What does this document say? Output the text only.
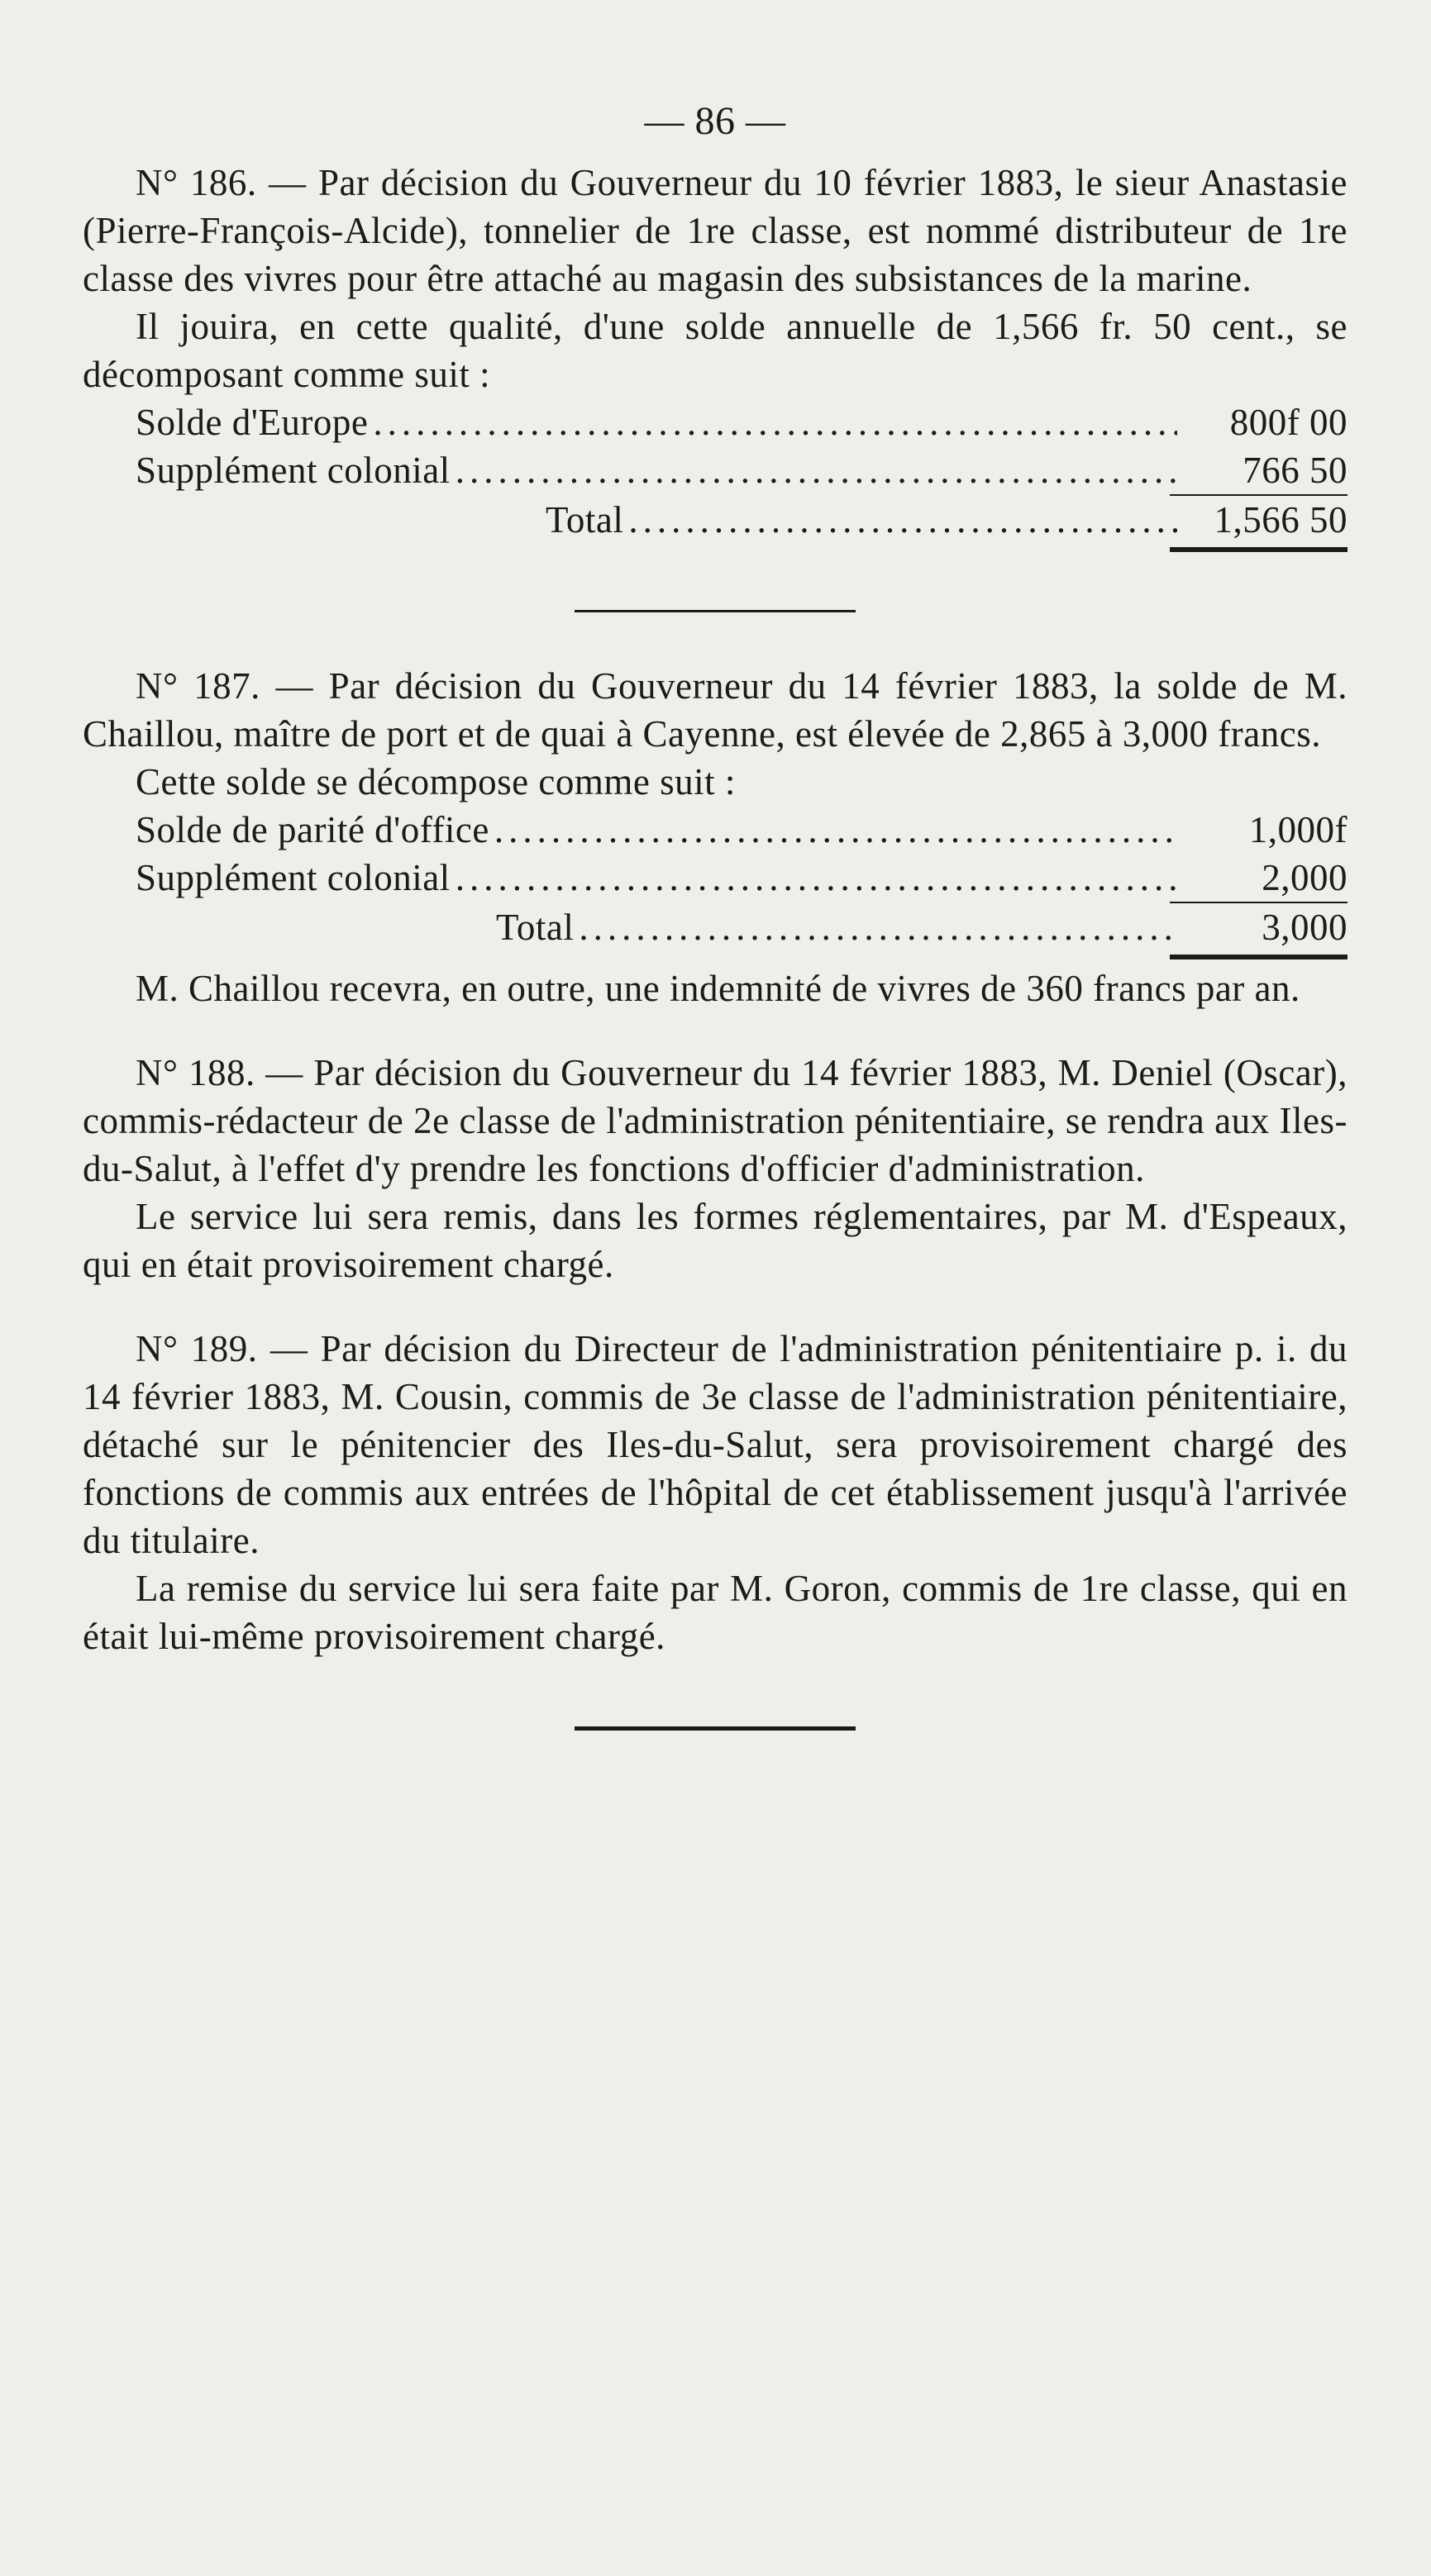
— 86 —

N° 186. — Par décision du Gouverneur du 10 février 1883, le sieur Anastasie (Pierre-François-Alcide), tonnelier de 1re classe, est nommé distributeur de 1re classe des vivres pour être attaché au magasin des subsistances de la marine.

Il jouira, en cette qualité, d'une solde annuelle de 1,566 fr. 50 cent., se décomposant comme suit :

Solde d'Europe .....	800f 00
Supplément colonial .....	766 50
Total .....	1,566 50

N° 187. — Par décision du Gouverneur du 14 février 1883, la solde de M. Chaillou, maître de port et de quai à Cayenne, est élevée de 2,865 à 3,000 francs.

Cette solde se décompose comme suit :

Solde de parité d'office .....	1,000f
Supplément colonial .....	2,000
Total .....	3,000

M. Chaillou recevra, en outre, une indemnité de vivres de 360 francs par an.

N° 188. — Par décision du Gouverneur du 14 février 1883, M. Deniel (Oscar), commis-rédacteur de 2e classe de l'administration pénitentiaire, se rendra aux Iles-du-Salut, à l'effet d'y prendre les fonctions d'officier d'administration.

Le service lui sera remis, dans les formes réglementaires, par M. d'Espeaux, qui en était provisoirement chargé.

N° 189. — Par décision du Directeur de l'administration pénitentiaire p. i. du 14 février 1883, M. Cousin, commis de 3e classe de l'administration pénitentiaire, détaché sur le pénitencier des Iles-du-Salut, sera provisoirement chargé des fonctions de commis aux entrées de l'hôpital de cet établissement jusqu'à l'arrivée du titulaire.

La remise du service lui sera faite par M. Goron, commis de 1re classe, qui en était lui-même provisoirement chargé.
